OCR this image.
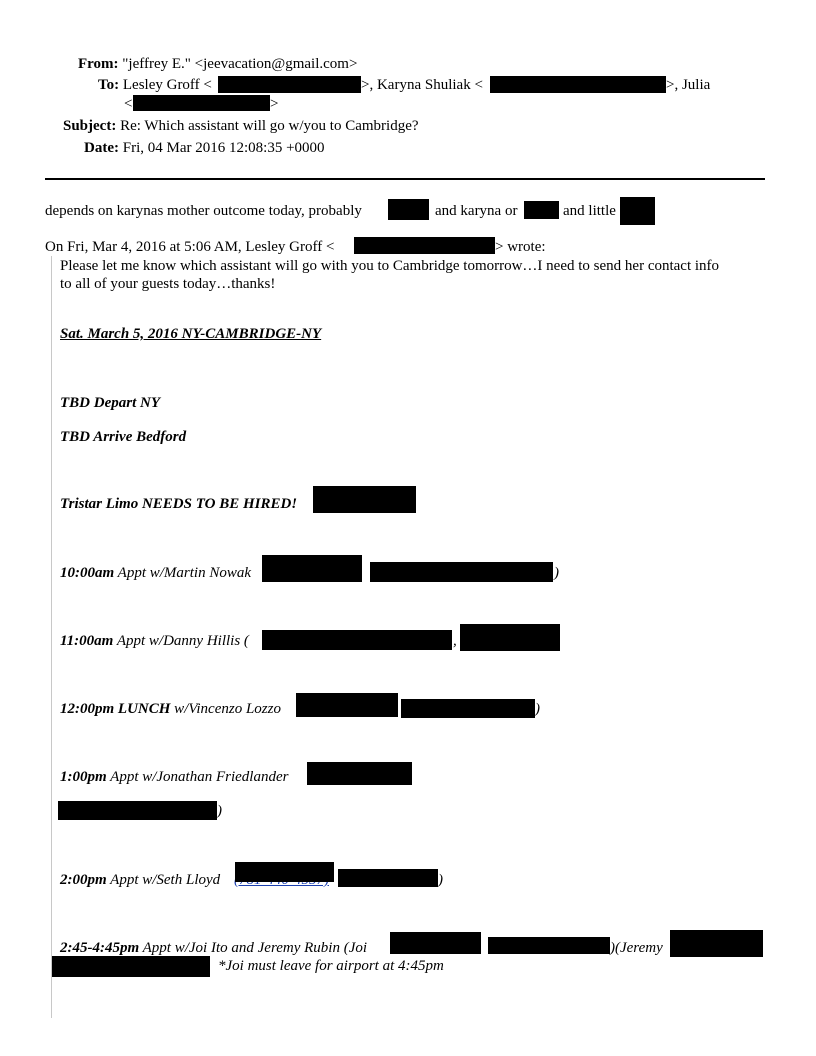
From: "jeffrey E." <jeevacation@gmail.com>
To: Lesley Groff <	>, Karyna Shuliak <	>, Julia
<	>
Subject: Re: Which assistant will go w/you to Cambridge?
Date: Fri, 04 Mar 2016 12:08:35 +0000
depends on karynas mother outcome today, probably	and karyna or	and little
On Fri, Mar 4, 2016 at 5:06 AM, Lesley Groff <	> wrote:
Please let me know which assistant will go with you to Cambridge tomorrow…I need to send her contact info
to all of your guests today…thanks!
Sat. March 5, 2016 NY-CAMBRIDGE-NY
TBD Depart NY
TBD Arrive Bedford
Tristar Limo NEEDS TO BE HIRED!
10:00am Appt w/Martin Nowak	)
11:00am Appt w/Danny Hillis (	,
12:00pm LUNCH w/Vincenzo Lozzo	)
1:00pm Appt w/Jonathan Friedlander
)
2:00pm Appt w/Seth Lloyd	)
2:45-4:45pm Appt w/Joi Ito and Jeremy Rubin (Joi	)(Jeremy
*Joi must leave for airport at 4:45pm
